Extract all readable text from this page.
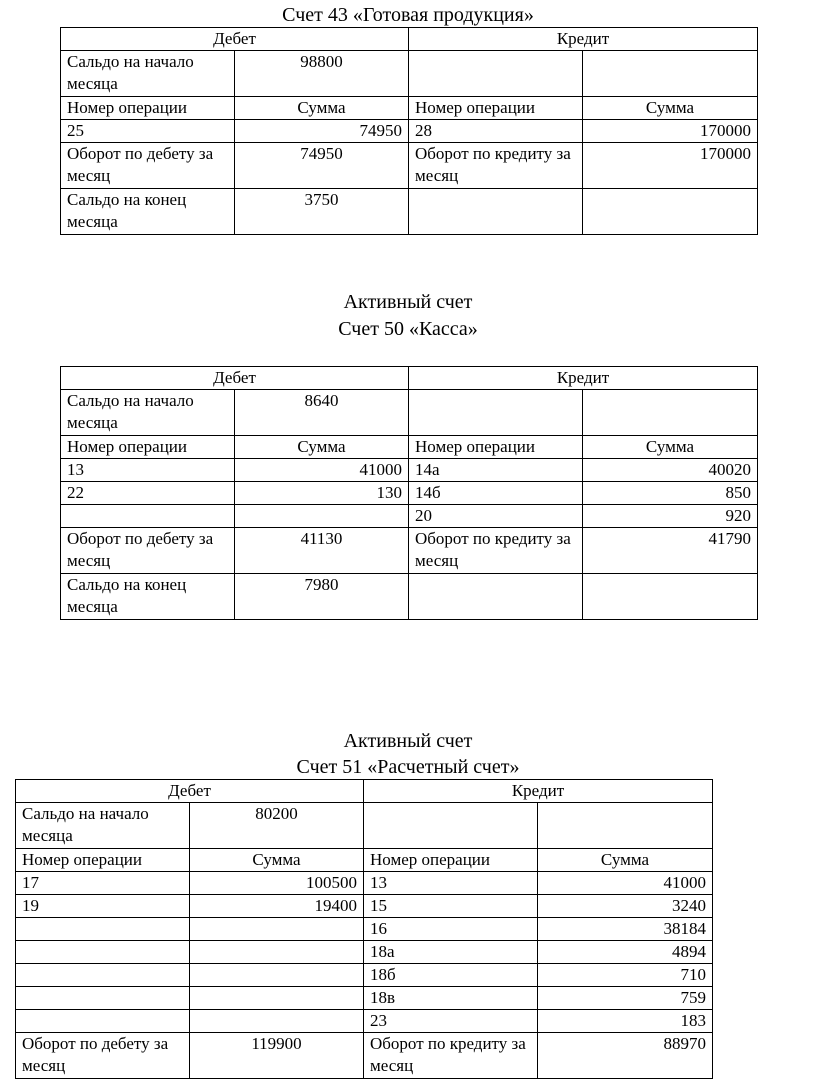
Счет 43 «Готовая продукция»
Дебет		Кредит	
Сальдо на начало месяца	98800		
Номер операции	Сумма	Номер операции	Сумма
25	74950	28	170000
Оборот по дебету за месяц	74950	Оборот по кредиту за месяц	170000
Сальдо на конец месяца	3750		
Активный счет
Счет 50 «Касса»
Дебет		Кредит	
Сальдо на начало месяца	8640		
Номер операции	Сумма	Номер операции	Сумма
13	41000	14а	40020
22	130	14б	850
		20	920
Оборот по дебету за месяц	41130	Оборот по кредиту за месяц	41790
Сальдо на конец месяца	7980		
Активный счет
Счет 51 «Расчетный счет»
Дебет		Кредит	
Сальдо на начало месяца	80200		
Номер операции	Сумма	Номер операции	Сумма
17	100500	13	41000
19	19400	15	3240
		16	38184
		18а	4894
		18б	710
		18в	759
		23	183
Оборот по дебету за месяц	119900	Оборот по кредиту за месяц	88970
